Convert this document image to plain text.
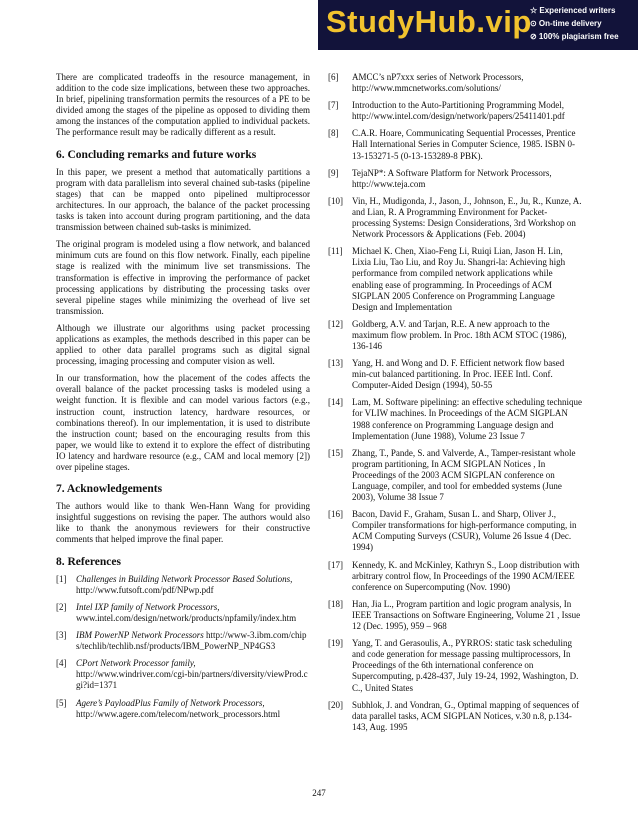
StudyHub.vip
☆ Experienced writers
⊙ On-time delivery
⊘ 100% plagiarism free

There are complicated tradeoffs in the resource management, in addition to the code size implications, between these two approaches. In brief, pipelining transformation permits the resources of a PE to be divided among the stages of the pipeline as opposed to dividing them among the instances of the computation applied to individual packets. The performance result may be radically different as a result.

6. Concluding remarks and future works

In this paper, we present a method that automatically partitions a program with data parallelism into several chained sub-tasks (pipeline stages) that can be mapped onto pipelined multiprocessor architectures. In our approach, the balance of the packet processing tasks is taken into account during program partitioning, and the data transmission between chained sub-tasks is minimized.

The original program is modeled using a flow network, and balanced minimum cuts are found on this flow network. Finally, each pipeline stage is realized with the minimum live set transmissions. The transformation is effective in improving the performance of packet processing applications by distributing the processing tasks over several pipeline stages while minimizing the overhead of live set transmission.

Although we illustrate our algorithms using packet processing applications as examples, the methods described in this paper can be applied to other data parallel programs such as digital signal processing, imaging processing and computer vision as well.

In our transformation, how the placement of the codes affects the overall balance of the packet processing tasks is modeled using a weight function. It is flexible and can model various factors (e.g., instruction count, instruction latency, hardware resources, or combinations thereof). In our implementation, it is used to distribute the instruction count; based on the encouraging results from this paper, we would like to extend it to explore the effect of distributing IO latency and hardware resource (e.g., CAM and local memory [2]) over pipeline stages.

7. Acknowledgements

The authors would like to thank Wen-Hann Wang for providing insightful suggestions on revising the paper. The authors would also like to thank the anonymous reviewers for their constructive comments that helped improve the final paper.

8. References
[1]	Challenges in Building Network Processor Based Solutions,
http://www.futsoft.com/pdf/NPwp.pdf
[2]	Intel IXP family of Network Processors,
www.intel.com/design/network/products/npfamily/index.htm
[3]	IBM PowerNP Network Processors http://www-3.ibm.com/chips/techlib/techlib.nsf/products/IBM_PowerNP_NP4GS3
[4]	CPort Network Processor family,
http://www.windriver.com/cgi-bin/partners/diversity/viewProd.cgi?id=1371
[5]	Agere’s PayloadPlus Family of Network Processors,
http://www.agere.com/telecom/network_processors.html
[6]	AMCC’s nP7xxx series of Network Processors, http://www.mmcnetworks.com/solutions/
[7]	Introduction to the Auto-Partitioning Programming Model, http://www.intel.com/design/network/papers/25411401.pdf
[8]	C.A.R. Hoare, Communicating Sequential Processes, Prentice Hall International Series in Computer Science, 1985. ISBN 0-13-153271-5 (0-13-153289-8 PBK).
[9]	TejaNP*: A Software Platform for Network Processors, http://www.teja.com
[10]	Vin, H., Mudigonda, J., Jason, J., Johnson, E., Ju, R., Kunze, A. and Lian, R. A Programming Environment for Packet-processing Systems: Design Considerations, 3rd Workshop on Network Processors & Applications (Feb. 2004)
[11]	Michael K. Chen, Xiao-Feng Li, Ruiqi Lian, Jason H. Lin, Lixia Liu, Tao Liu, and Roy Ju. Shangri-la: Achieving high performance from compiled network applications while enabling ease of programming. In Proceedings of ACM SIGPLAN 2005 Conference on Programming Language Design and Implementation
[12]	Goldberg, A.V. and Tarjan, R.E. A new approach to the maximum flow problem. In Proc. 18th ACM STOC (1986), 136-146
[13]	Yang, H. and Wong and D. F. Efficient network flow based min-cut balanced partitioning. In Proc. IEEE Intl. Conf. Computer-Aided Design (1994), 50-55
[14]	Lam, M. Software pipelining: an effective scheduling technique for VLIW machines. In Proceedings of the ACM SIGPLAN 1988 conference on Programming Language design and Implementation (June 1988), Volume 23 Issue 7
[15]	Zhang, T., Pande, S. and Valverde, A., Tamper-resistant whole program partitioning, In ACM SIGPLAN Notices , In Proceedings of the 2003 ACM SIGPLAN conference on Language, compiler, and tool for embedded systems (June 2003), Volume 38 Issue 7
[16]	Bacon, David F., Graham, Susan L. and Sharp, Oliver J., Compiler transformations for high-performance computing, in ACM Computing Surveys (CSUR), Volume 26 Issue 4 (Dec. 1994)
[17]	Kennedy, K. and McKinley, Kathryn S., Loop distribution with arbitrary control flow, In Proceedings of the 1990 ACM/IEEE conference on Supercomputing (Nov. 1990)
[18]	Han, Jia L., Program partition and logic program analysis, In IEEE Transactions on Software Engineering, Volume 21 , Issue 12 (Dec. 1995), 959 – 968
[19]	Yang, T. and Gerasoulis, A., PYRROS: static task scheduling and code generation for message passing multiprocessors, In Proceedings of the 6th international conference on Supercomputing, p.428-437, July 19-24, 1992, Washington, D. C., United States
[20]	Subhlok, J. and Vondran, G., Optimal mapping of sequences of data parallel tasks, ACM SIGPLAN Notices, v.30 n.8, p.134-143, Aug. 1995
247
